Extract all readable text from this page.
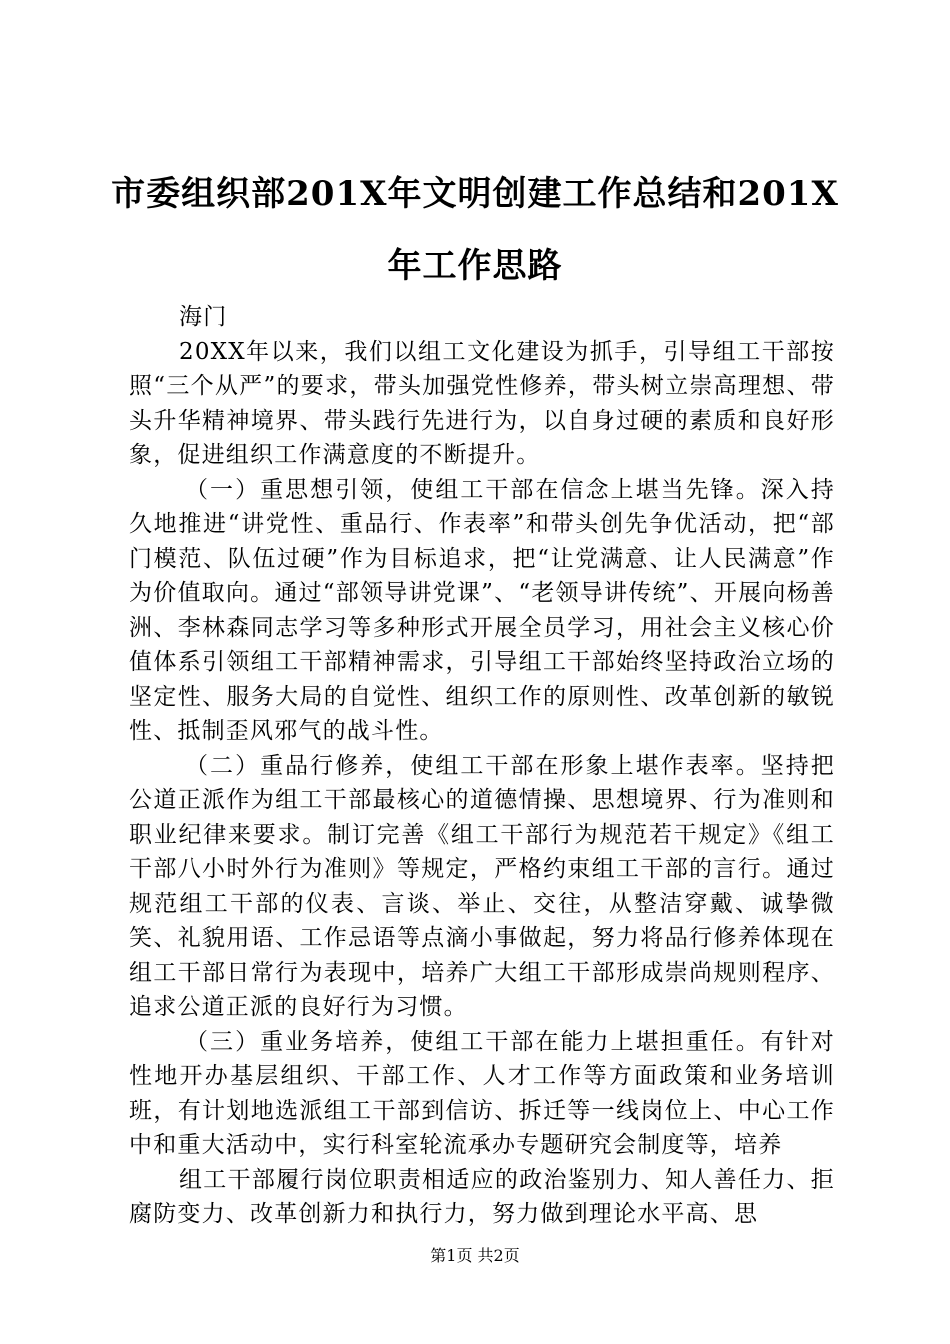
市委组织部201X年文明创建工作总结和201X年工作思路

海门

20XX年以来，我们以组工文化建设为抓手，引导组工干部按照“三个从严”的要求，带头加强党性修养，带头树立崇高理想、带头升华精神境界、带头践行先进行为，以自身过硬的素质和良好形象，促进组织工作满意度的不断提升。

（一）重思想引领，使组工干部在信念上堪当先锋。深入持久地推进“讲党性、重品行、作表率”和带头创先争优活动，把“部门模范、队伍过硬”作为目标追求，把“让党满意、让人民满意”作为价值取向。通过“部领导讲党课”、“老领导讲传统”、开展向杨善洲、李林森同志学习等多种形式开展全员学习，用社会主义核心价值体系引领组工干部精神需求，引导组工干部始终坚持政治立场的坚定性、服务大局的自觉性、组织工作的原则性、改革创新的敏锐性、抵制歪风邪气的战斗性。

（二）重品行修养，使组工干部在形象上堪作表率。坚持把公道正派作为组工干部最核心的道德情操、思想境界、行为准则和职业纪律来要求。制订完善《组工干部行为规范若干规定》《组工干部八小时外行为准则》等规定，严格约束组工干部的言行。通过规范组工干部的仪表、言谈、举止、交往，从整洁穿戴、诚挚微笑、礼貌用语、工作忌语等点滴小事做起，努力将品行修养体现在组工干部日常行为表现中，培养广大组工干部形成崇尚规则程序、追求公道正派的良好行为习惯。

（三）重业务培养，使组工干部在能力上堪担重任。有针对性地开办基层组织、干部工作、人才工作等方面政策和业务培训班，有计划地选派组工干部到信访、拆迁等一线岗位上、中心工作中和重大活动中，实行科室轮流承办专题研究会制度等，培养

组工干部履行岗位职责相适应的政治鉴别力、知人善任力、拒腐防变力、改革创新力和执行力，努力做到理论水平高、思

第1页 共2页
